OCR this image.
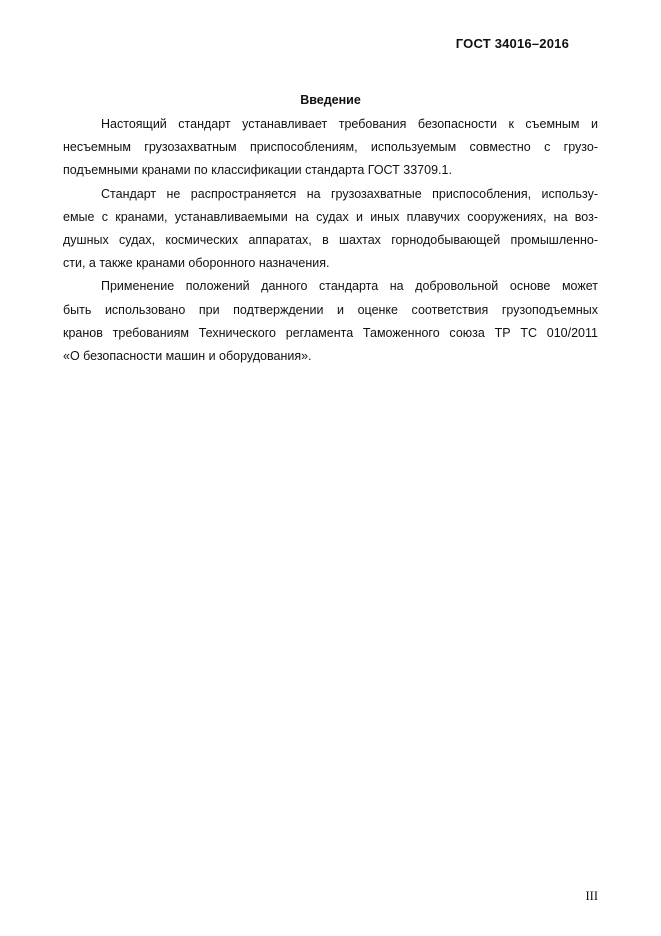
ГОСТ 34016–2016
Введение

Настоящий стандарт устанавливает требования безопасности к съемным и
несъемным грузозахватным приспособлениям, используемым совместно с грузо-
подъемными кранами по классификации стандарта ГОСТ 33709.1.

Стандарт не распространяется на грузозахватные приспособления, использу-
емые с кранами, устанавливаемыми на судах и иных плавучих сооружениях, на воз-
душных судах, космических аппаратах, в шахтах горнодобывающей промышленно-
сти, а также кранами оборонного назначения.

Применение положений данного стандарта на добровольной основе может
быть использовано при подтверждении и оценке соответствия грузоподъемных
кранов требованиям Технического регламента Таможенного союза ТР ТС 010/2011
«О безопасности машин и оборудования».

III
